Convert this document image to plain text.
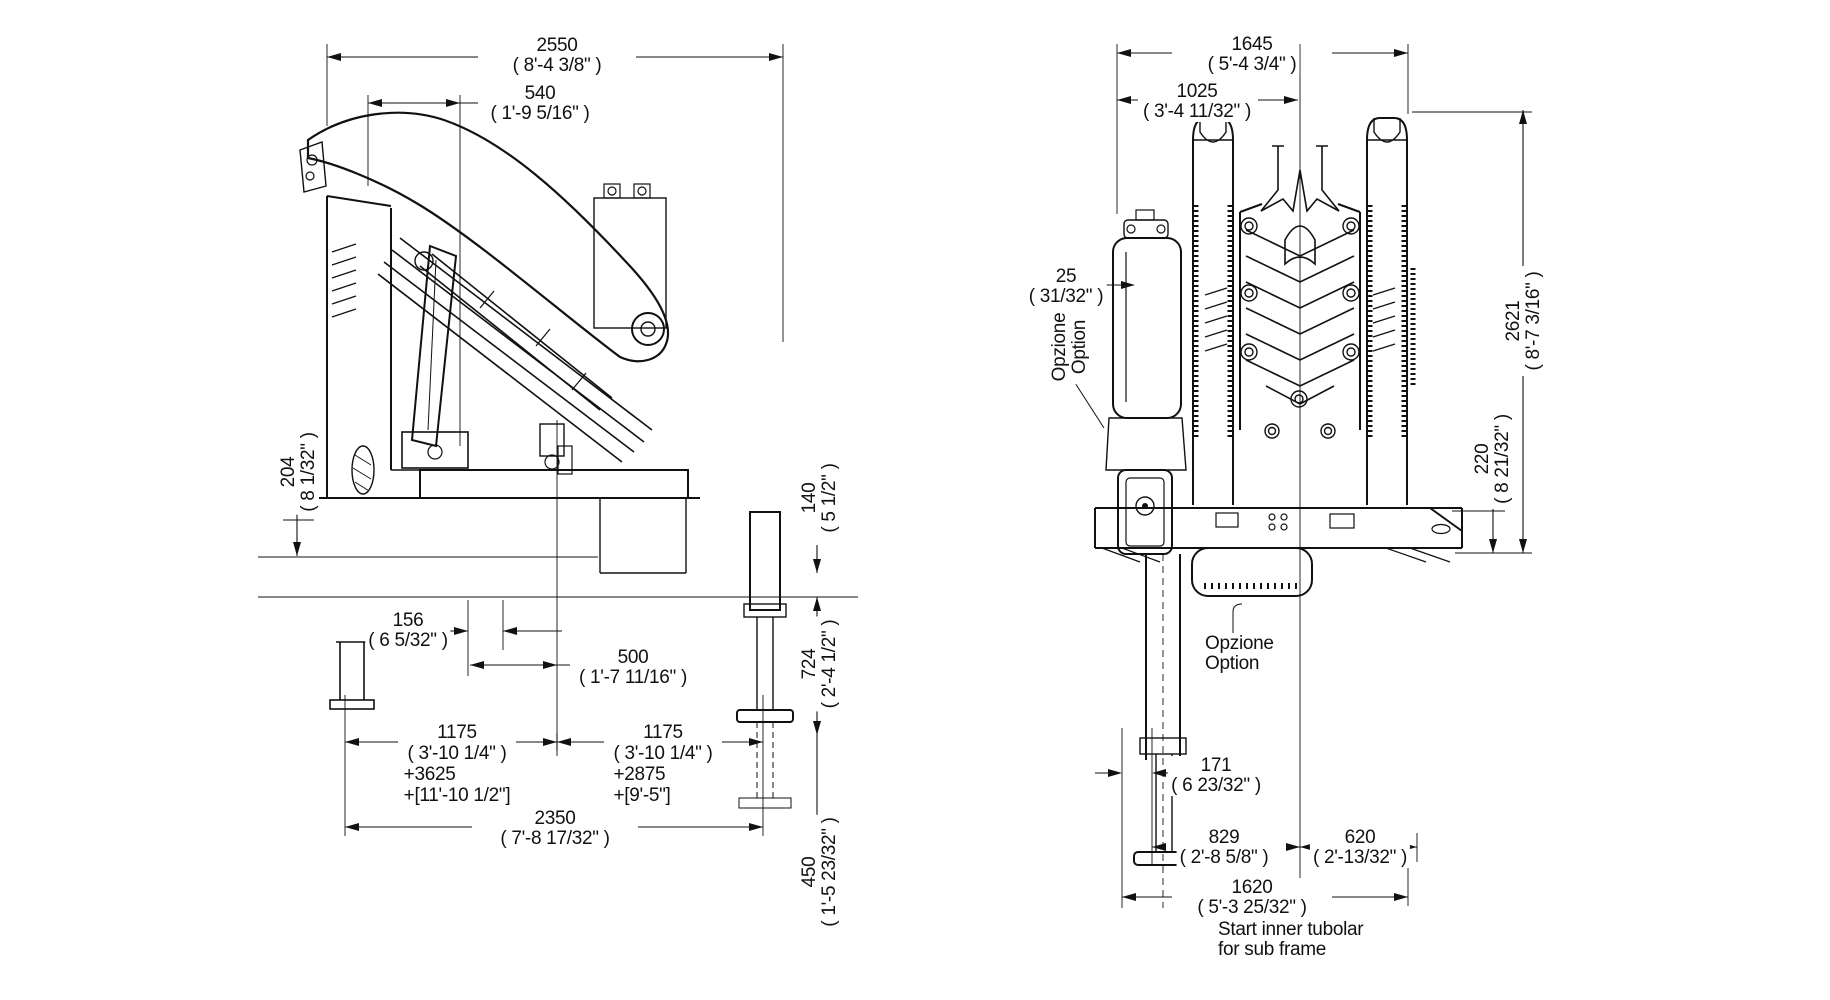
2550
( 8'-4 3/8" )
540
( 1'-9 5/16" )
204 ( 8 1/32" )	140 ( 5 1/2" )
156
( 6 5/32" )
500
( 1'-7 11/16" )	724 ( 2'-4 1/2" )
1175
( 3'-10 1/4" )
+3625
+[11'-10 1/2"]
1175
( 3'-10 1/4" )
+2875
+[9'-5"]
2350
( 7'-8 17/32" )
450 ( 1'-5 23/32" )
1645
( 5'-4 3/4" )
1025
( 3'-4 11/32" )
25
( 31/32" )
Opzione Option	2621 ( 8'-7 3/16" )
220 ( 8 21/32" )
Opzione
Option
171
( 6 23/32" )
829
( 2'-8 5/8" )
620
( 2'-13/32" )
1620
( 5'-3 25/32" )
Start inner tubolar
for sub frame
